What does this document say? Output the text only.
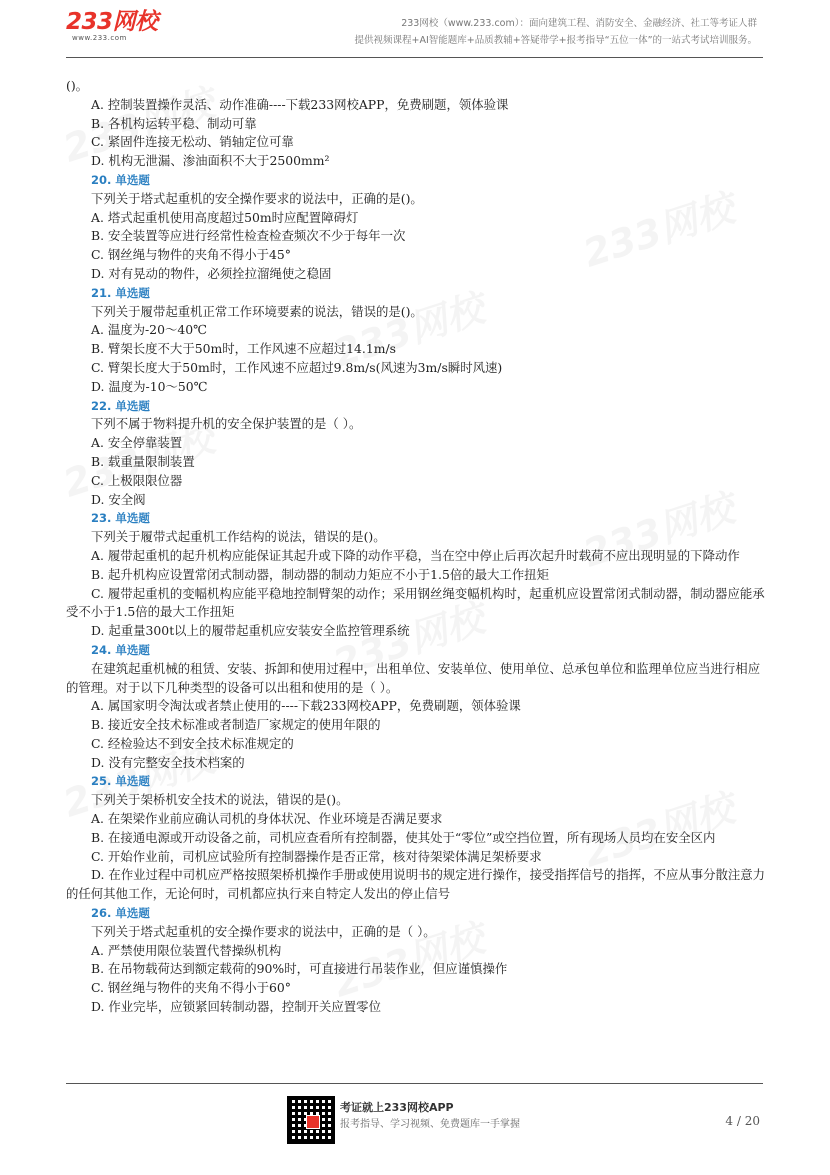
233网校
www.233.com
233网校（www.233.com）：面向建筑工程、消防安全、金融经济、社工等考证人群
提供视频课程+AI智能题库+品质教辅+答疑带学+报考指导“五位一体”的一站式考试培训服务。
()。
A. 控制装置操作灵活、动作准确----下载233网校APP，免费刷题，领体验课
B. 各机构运转平稳、制动可靠
C. 紧固件连接无松动、销轴定位可靠
D. 机构无泄漏、渗油面积不大于2500mm²
20. 单选题
下列关于塔式起重机的安全操作要求的说法中，正确的是()。
A. 塔式起重机使用高度超过50m时应配置障碍灯
B. 安全装置等应进行经常性检查检查频次不少于每年一次
C. 钢丝绳与物件的夹角不得小于45°
D. 对有晃动的物件，必须拴拉溜绳使之稳固
21. 单选题
下列关于履带起重机正常工作环境要素的说法，错误的是()。
A. 温度为-20～40℃
B. 臂架长度不大于50m时，工作风速不应超过14.1m/s
C. 臂架长度大于50m时，工作风速不应超过9.8m/s(风速为3m/s瞬时风速)
D. 温度为-10～50℃
22. 单选题
下列不属于物料提升机的安全保护装置的是（ ）。
A. 安全停靠装置
B. 载重量限制装置
C. 上极限限位器
D. 安全阀
23. 单选题
下列关于履带式起重机工作结构的说法，错误的是()。
A. 履带起重机的起升机构应能保证其起升或下降的动作平稳，当在空中停止后再次起升时载荷不应出现明显的下降动作
B. 起升机构应设置常闭式制动器，制动器的制动力矩应不小于1.5倍的最大工作扭矩
C. 履带起重机的变幅机构应能平稳地控制臂架的动作；采用钢丝绳变幅机构时，起重机应设置常闭式制动器，制动器应能承受不小于1.5倍的最大工作扭矩
D. 起重量300t以上的履带起重机应安装安全监控管理系统
24. 单选题
在建筑起重机械的租赁、安装、拆卸和使用过程中，出租单位、安装单位、使用单位、总承包单位和监理单位应当进行相应的管理。对于以下几种类型的设备可以出租和使用的是（ ）。
A. 属国家明令淘汰或者禁止使用的----下载233网校APP，免费刷题，领体验课
B. 接近安全技术标准或者制造厂家规定的使用年限的
C. 经检验达不到安全技术标准规定的
D. 没有完整安全技术档案的
25. 单选题
下列关于架桥机安全技术的说法，错误的是()。
A. 在架梁作业前应确认司机的身体状况、作业环境是否满足要求
B. 在接通电源或开动设备之前，司机应查看所有控制器，使其处于“零位”或空挡位置，所有现场人员均在安全区内
C. 开始作业前，司机应试验所有控制器操作是否正常，核对待架梁体满足架桥要求
D. 在作业过程中司机应严格按照架桥机操作手册或使用说明书的规定进行操作，接受指挥信号的指挥，不应从事分散注意力的任何其他工作，无论何时，司机都应执行来自特定人发出的停止信号
26. 单选题
下列关于塔式起重机的安全操作要求的说法中，正确的是（ ）。
A. 严禁使用限位装置代替操纵机构
B. 在吊物载荷达到额定载荷的90%时，可直接进行吊装作业，但应谨慎操作
C. 钢丝绳与物件的夹角不得小于60°
D. 作业完毕，应锁紧回转制动器，控制开关应置零位
考证就上233网校APP
报考指导、学习视频、免费题库一手掌握	4 / 20
